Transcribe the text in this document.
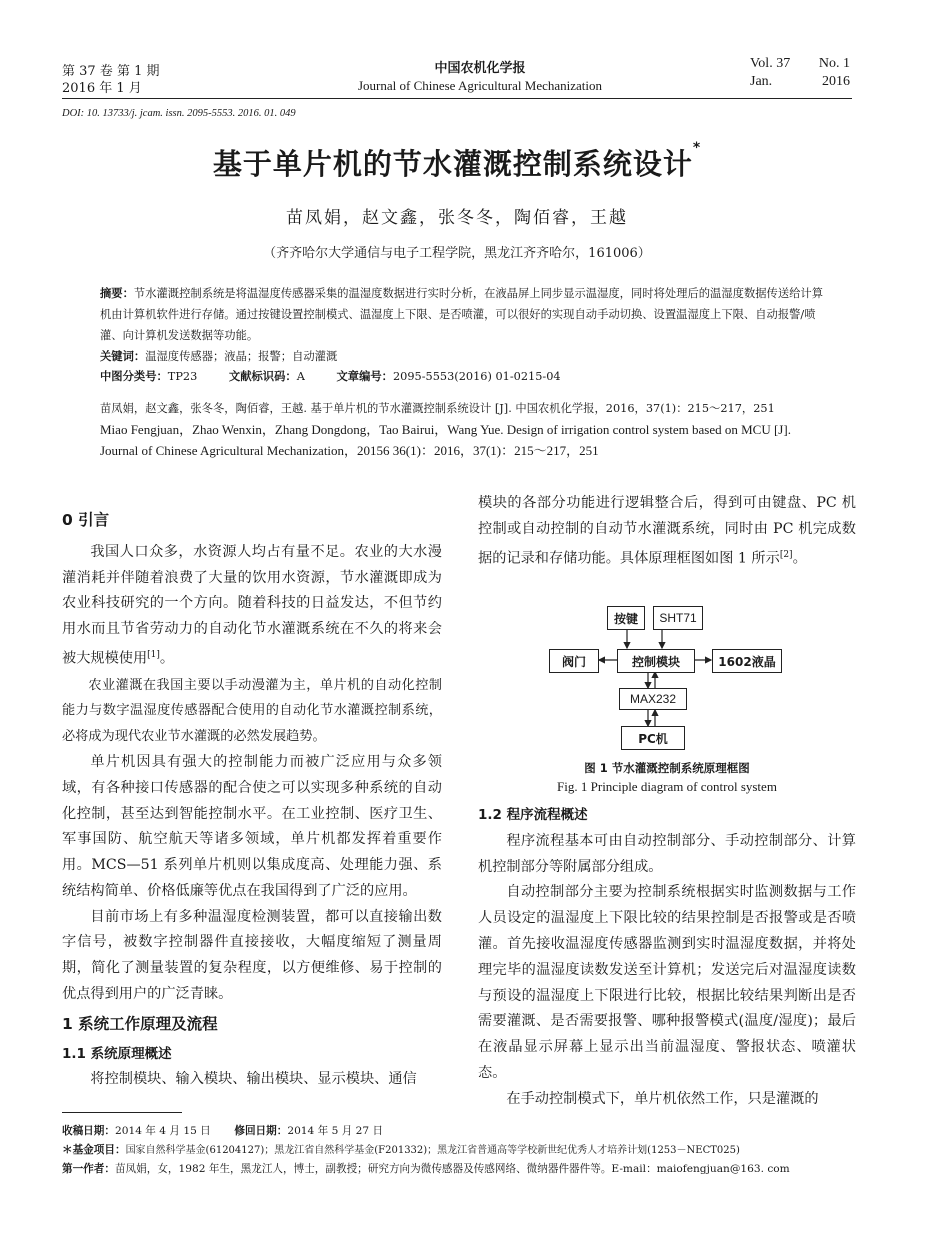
第 37 卷 第 1 期
2016 年 1 月
中国农机化学报
Journal of Chinese Agricultural Mechanization
Vol. 37 No. 1
Jan.	2016
DOI: 10. 13733/j. jcam. issn. 2095-5553. 2016. 01. 049
基于单片机的节水灌溉控制系统设计*
苗凤娟，赵文鑫，张冬冬，陶佰睿，王越
（齐齐哈尔大学通信与电子工程学院，黑龙江齐齐哈尔，161006）
摘要：节水灌溉控制系统是将温湿度传感器采集的温湿度数据进行实时分析，在液晶屏上同步显示温湿度，同时将处理后的温湿度数据传送给计算机由计算机软件进行存储。通过按键设置控制模式、温湿度上下限、是否喷灌，可以很好的实现自动手动切换、设置温湿度上下限、自动报警/喷灌、向计算机发送数据等功能。
关键词：温湿度传感器；液晶；报警；自动灌溉
中图分类号：TP23	文献标识码：A	文章编号：2095-5553(2016) 01-0215-04
苗凤娟，赵文鑫，张冬冬，陶佰睿，王越. 基于单片机的节水灌溉控制系统设计 [J]. 中国农机化学报，2016，37(1)：215～217，251
Miao Fengjuan，Zhao Wenxin，Zhang Dongdong，Tao Bairui，Wang Yue. Design of irrigation control system based on MCU [J]. Journal of Chinese Agricultural Mechanization，20156 36(1)：2016，37(1)：215～217，251
0 引言

我国人口众多，水资源人均占有量不足。农业的大水漫灌消耗并伴随着浪费了大量的饮用水资源，节水灌溉即成为农业科技研究的一个方向。随着科技的日益发达，不但节约用水而且节省劳动力的自动化节水灌溉系统在不久的将来会被大规模使用[1]。

农业灌溉在我国主要以手动漫灌为主，单片机的自动化控制能力与数字温湿度传感器配合使用的自动化节水灌溉控制系统，必将成为现代农业节水灌溉的必然发展趋势。

单片机因具有强大的控制能力而被广泛应用与众多领域，有各种接口传感器的配合使之可以实现多种系统的自动化控制，甚至达到智能控制水平。在工业控制、医疗卫生、军事国防、航空航天等诸多领域，单片机都发挥着重要作用。MCS—51 系列单片机则以集成度高、处理能力强、系统结构简单、价格低廉等优点在我国得到了广泛的应用。

目前市场上有多种温湿度检测装置，都可以直接输出数字信号，被数字控制器件直接接收，大幅度缩短了测量周期，简化了测量装置的复杂程度，以方便维修、易于控制的优点得到用户的广泛青睐。

1 系统工作原理及流程
1.1 系统原理概述

将控制模块、输入模块、输出模块、显示模块、通信

模块的各部分功能进行逻辑整合后，得到可由键盘、PC 机控制或自动控制的自动节水灌溉系统，同时由 PC 机完成数据的记录和存储功能。具体原理框图如图 1 所示[2]。

按键	SHT71
阀门	控制模块	1602液晶
MAX232
PC机
图 1 节水灌溉控制系统原理框图
Fig. 1 Principle diagram of control system
1.2 程序流程概述

程序流程基本可由自动控制部分、手动控制部分、计算机控制部分等附属部分组成。

自动控制部分主要为控制系统根据实时监测数据与工作人员设定的温湿度上下限比较的结果控制是否报警或是否喷灌。首先接收温湿度传感器监测到实时温湿度数据，并将处理完毕的温湿度读数发送至计算机；发送完后对温湿度读数与预设的温湿度上下限进行比较，根据比较结果判断出是否需要灌溉、是否需要报警、哪种报警模式(温度/湿度)；最后在液晶显示屏幕上显示出当前温湿度、警报状态、喷灌状态。

在手动控制模式下，单片机依然工作，只是灌溉的

收稿日期：2014 年 4 月 15 日 修回日期：2014 年 5 月 27 日
＊基金项目：国家自然科学基金(61204127)；黑龙江省自然科学基金(F201332)；黑龙江省普通高等学校新世纪优秀人才培养计划(1253－NECT025)
第一作者：苗凤娟，女，1982 年生，黑龙江人，博士，副教授；研究方向为微传感器及传感网络、微纳器件器件等。E-mail：maiofengjuan@163. com
